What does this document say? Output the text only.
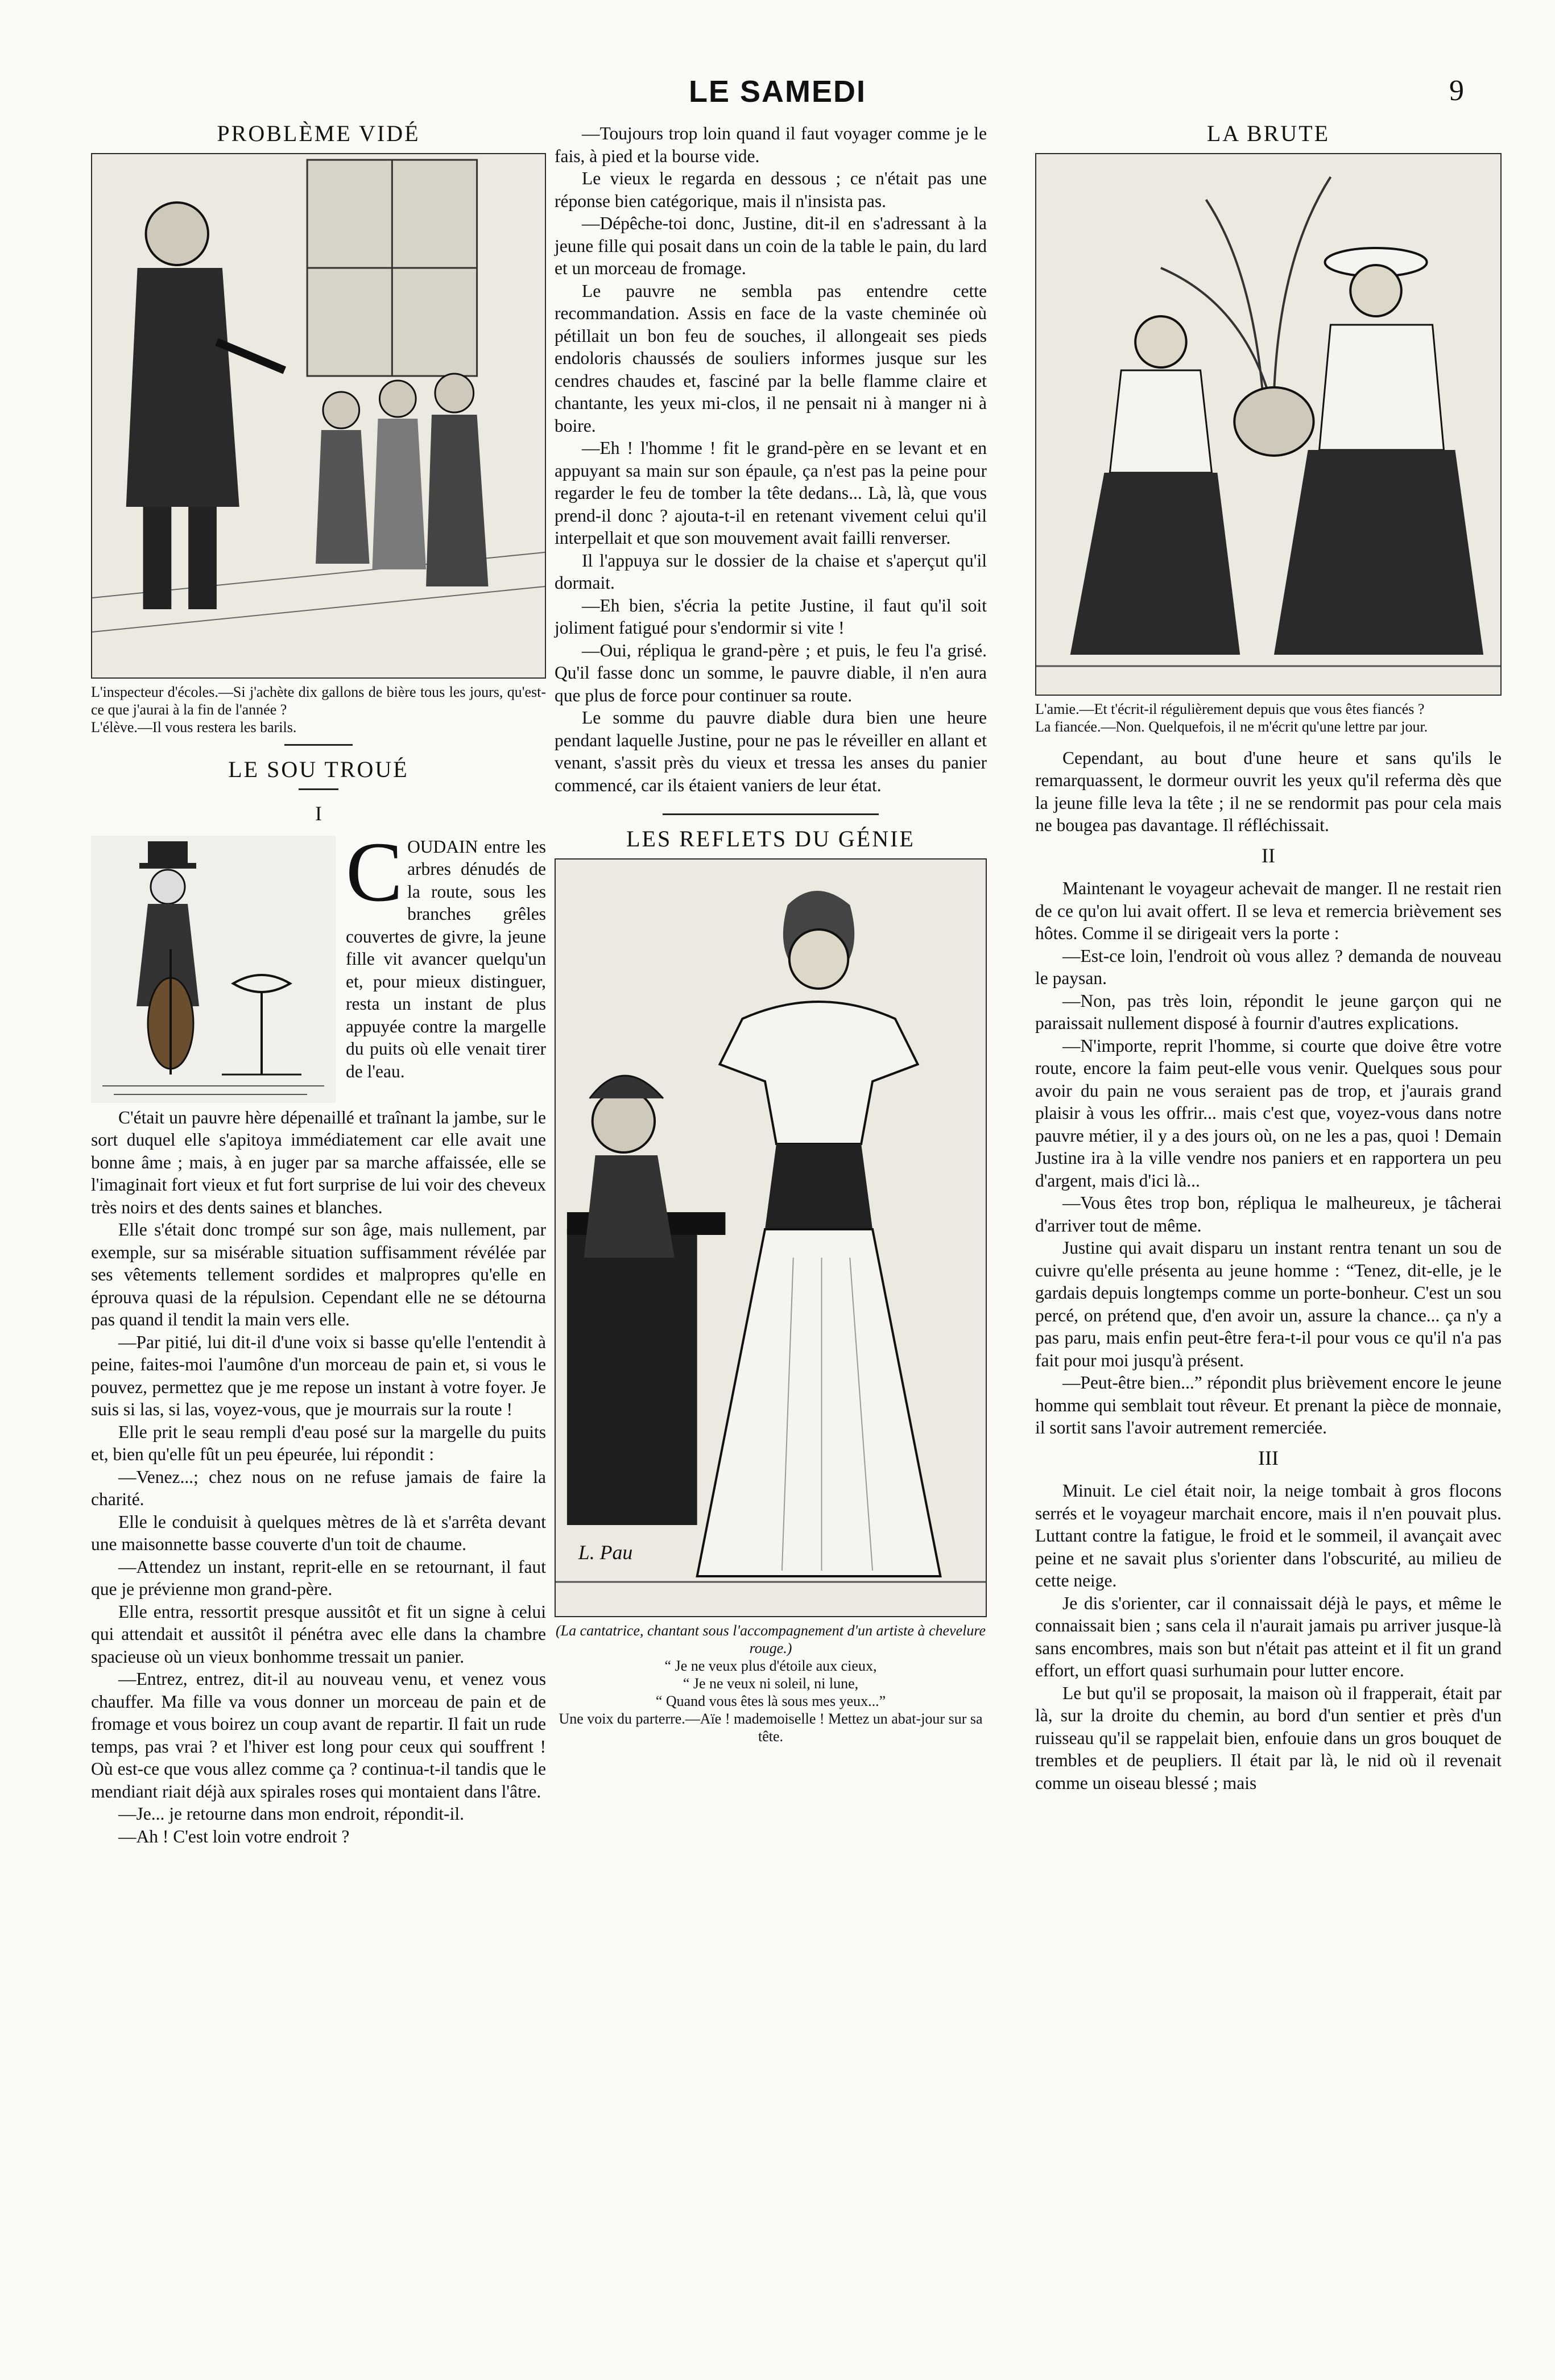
LE SAMEDI	9
PROBLÈME VIDÉ

L'inspecteur d'écoles.—Si j'achète dix gallons de bière tous les jours, qu'est-ce que j'aurai à la fin de l'année ?

L'élève.—Il vous restera les barils.

LE SOU TROUÉ
I
C OUDAIN entre les arbres dénudés de la route, sous les branches grêles couvertes de givre, la jeune fille vit avancer quelqu'un et, pour mieux distinguer, resta un instant de plus appuyée contre la margelle du puits où elle venait tirer de l'eau.

C'était un pauvre hère dépenaillé et traînant la jambe, sur le sort duquel elle s'apitoya immédiatement car elle avait une bonne âme ; mais, à en juger par sa marche affaissée, elle se l'imaginait fort vieux et fut fort surprise de lui voir des cheveux très noirs et des dents saines et blanches.

Elle s'était donc trompé sur son âge, mais nullement, par exemple, sur sa misérable situation suffisamment révélée par ses vêtements tellement sordides et malpropres qu'elle en éprouva quasi de la répulsion. Cependant elle ne se détourna pas quand il tendit la main vers elle.

—Par pitié, lui dit-il d'une voix si basse qu'elle l'entendit à peine, faites-moi l'aumône d'un morceau de pain et, si vous le pouvez, permettez que je me repose un instant à votre foyer. Je suis si las, si las, voyez-vous, que je mourrais sur la route !

Elle prit le seau rempli d'eau posé sur la margelle du puits et, bien qu'elle fût un peu épeurée, lui répondit :

—Venez...; chez nous on ne refuse jamais de faire la charité.

Elle le conduisit à quelques mètres de là et s'arrêta devant une maisonnette basse couverte d'un toit de chaume.

—Attendez un instant, reprit-elle en se retournant, il faut que je prévienne mon grand-père.

Elle entra, ressortit presque aussitôt et fit un signe à celui qui attendait et aussitôt il pénétra avec elle dans la chambre spacieuse où un vieux bonhomme tressait un panier.

—Entrez, entrez, dit-il au nouveau venu, et venez vous chauffer. Ma fille va vous donner un morceau de pain et de fromage et vous boirez un coup avant de repartir. Il fait un rude temps, pas vrai ? et l'hiver est long pour ceux qui souffrent ! Où est-ce que vous allez comme ça ? continua-t-il tandis que le mendiant riait déjà aux spirales roses qui montaient dans l'âtre.

—Je... je retourne dans mon endroit, répondit-il.

—Ah ! C'est loin votre endroit ?

—Toujours trop loin quand il faut voyager comme je le fais, à pied et la bourse vide.

Le vieux le regarda en dessous ; ce n'était pas une réponse bien catégorique, mais il n'insista pas.

—Dépêche-toi donc, Justine, dit-il en s'adressant à la jeune fille qui posait dans un coin de la table le pain, du lard et un morceau de fromage.

Le pauvre ne sembla pas entendre cette recommandation. Assis en face de la vaste cheminée où pétillait un bon feu de souches, il allongeait ses pieds endoloris chaussés de souliers informes jusque sur les cendres chaudes et, fasciné par la belle flamme claire et chantante, les yeux mi-clos, il ne pensait ni à manger ni à boire.

—Eh ! l'homme ! fit le grand-père en se levant et en appuyant sa main sur son épaule, ça n'est pas la peine pour regarder le feu de tomber la tête dedans... Là, là, que vous prend-il donc ? ajouta-t-il en retenant vivement celui qu'il interpellait et que son mouvement avait failli renverser.

Il l'appuya sur le dossier de la chaise et s'aperçut qu'il dormait.

—Eh bien, s'écria la petite Justine, il faut qu'il soit joliment fatigué pour s'endormir si vite !

—Oui, répliqua le grand-père ; et puis, le feu l'a grisé. Qu'il fasse donc un somme, le pauvre diable, il n'en aura que plus de force pour continuer sa route.

Le somme du pauvre diable dura bien une heure pendant laquelle Justine, pour ne pas le réveiller en allant et venant, s'assit près du vieux et tressa les anses du panier commencé, car ils étaient vaniers de leur état.

LES REFLETS DU GÉNIE
L. Pau

(La cantatrice, chantant sous l'accompagnement d'un artiste à chevelure rouge.)

“ Je ne veux plus d'étoile aux cieux,
“ Je ne veux ni soleil, ni lune,
“ Quand vous êtes là sous mes yeux...”

Une voix du parterre.—Aïe ! mademoiselle ! Mettez un abat-jour sur sa tête.

LA BRUTE

L'amie.—Et t'écrit-il régulièrement depuis que vous êtes fiancés ?

La fiancée.—Non. Quelquefois, il ne m'écrit qu'une lettre par jour.

Cependant, au bout d'une heure et sans qu'ils le remarquassent, le dormeur ouvrit les yeux qu'il referma dès que la jeune fille leva la tête ; il ne se rendormit pas pour cela mais ne bougea pas davantage. Il réfléchissait.

II

Maintenant le voyageur achevait de manger. Il ne restait rien de ce qu'on lui avait offert. Il se leva et remercia brièvement ses hôtes. Comme il se dirigeait vers la porte :

—Est-ce loin, l'endroit où vous allez ? demanda de nouveau le paysan.

—Non, pas très loin, répondit le jeune garçon qui ne paraissait nullement disposé à fournir d'autres explications.

—N'importe, reprit l'homme, si courte que doive être votre route, encore la faim peut-elle vous venir. Quelques sous pour avoir du pain ne vous seraient pas de trop, et j'aurais grand plaisir à vous les offrir... mais c'est que, voyez-vous dans notre pauvre métier, il y a des jours où, on ne les a pas, quoi ! Demain Justine ira à la ville vendre nos paniers et en rapportera un peu d'argent, mais d'ici là...

—Vous êtes trop bon, répliqua le malheureux, je tâcherai d'arriver tout de même.

Justine qui avait disparu un instant rentra tenant un sou de cuivre qu'elle présenta au jeune homme : “Tenez, dit-elle, je le gardais depuis longtemps comme un porte-bonheur. C'est un sou percé, on prétend que, d'en avoir un, assure la chance... ça n'y a pas paru, mais enfin peut-être fera-t-il pour vous ce qu'il n'a pas fait pour moi jusqu'à présent.

—Peut-être bien...” répondit plus brièvement encore le jeune homme qui semblait tout rêveur. Et prenant la pièce de monnaie, il sortit sans l'avoir autrement remerciée.

III

Minuit. Le ciel était noir, la neige tombait à gros flocons serrés et le voyageur marchait encore, mais il n'en pouvait plus. Luttant contre la fatigue, le froid et le sommeil, il avançait avec peine et ne savait plus s'orienter dans l'obscurité, au milieu de cette neige.

Je dis s'orienter, car il connaissait déjà le pays, et même le connaissait bien ; sans cela il n'aurait jamais pu arriver jusque-là sans encombres, mais son but n'était pas atteint et il fit un grand effort, un effort quasi surhumain pour lutter encore.

Le but qu'il se proposait, la maison où il frapperait, était par là, sur la droite du chemin, au bord d'un sentier et près d'un ruisseau qu'il se rappelait bien, enfouie dans un gros bouquet de trembles et de peupliers. Il était par là, le nid où il revenait comme un oiseau blessé ; mais
